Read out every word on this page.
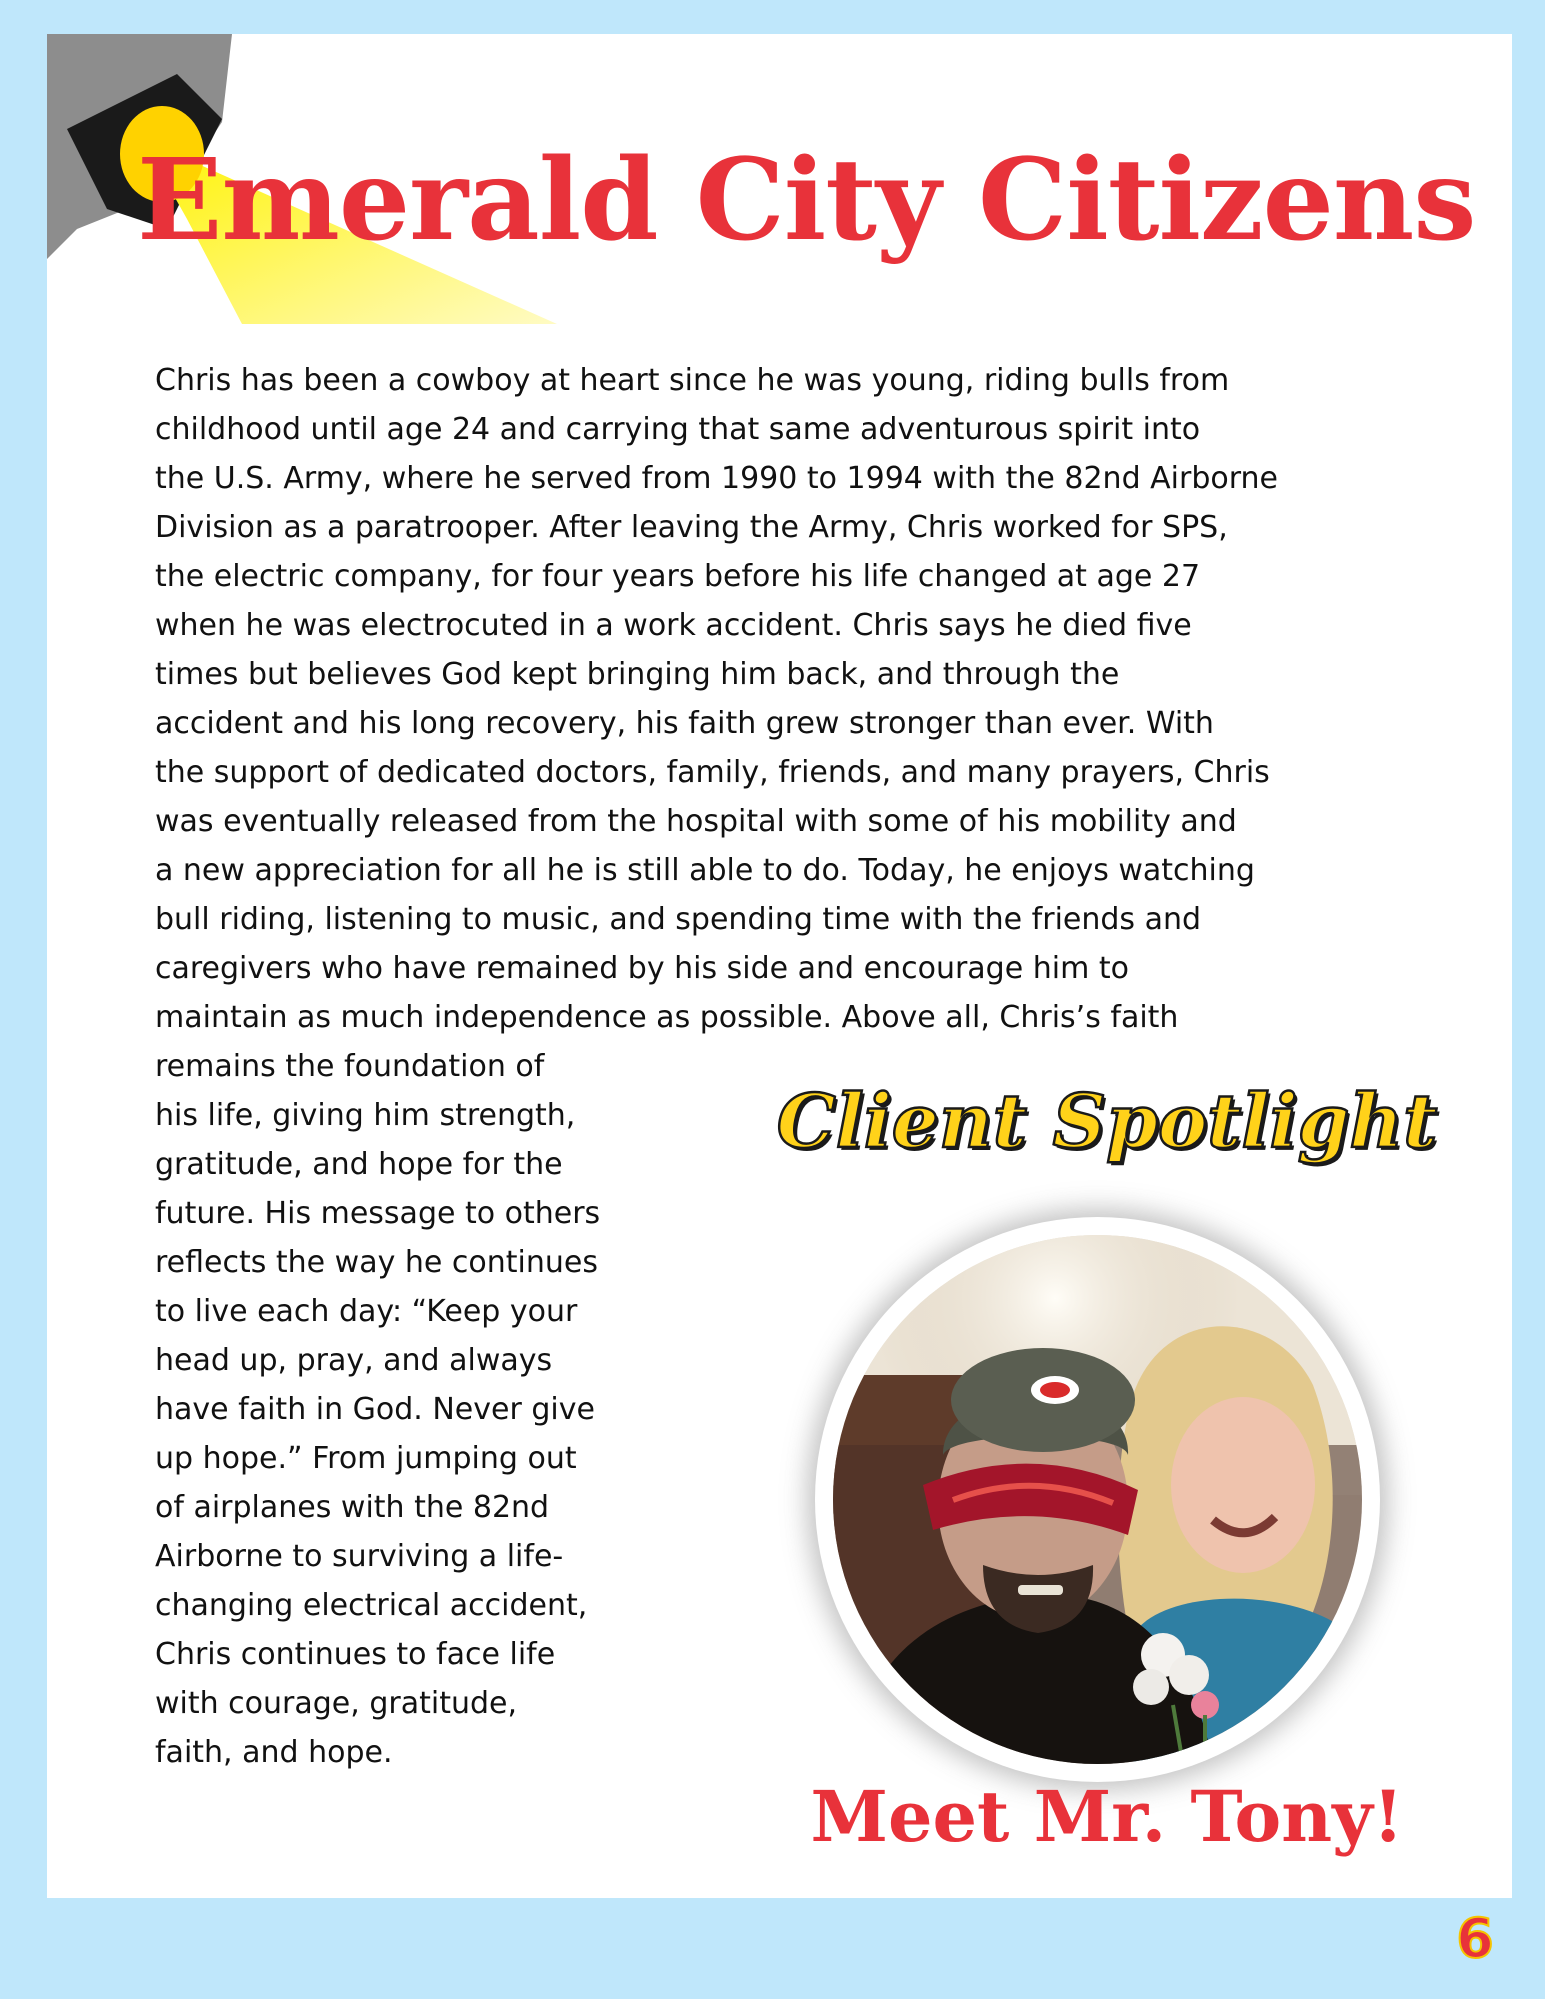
Emerald City Citizens
Chris has been a cowboy at heart since he was young, riding bulls from
childhood until age 24 and carrying that same adventurous spirit into
the U.S. Army, where he served from 1990 to 1994 with the 82nd Airborne
Division as a paratrooper. After leaving the Army, Chris worked for SPS,
the electric company, for four years before his life changed at age 27
when he was electrocuted in a work accident. Chris says he died five
times but believes God kept bringing him back, and through the
accident and his long recovery, his faith grew stronger than ever. With
the support of dedicated doctors, family, friends, and many prayers, Chris
was eventually released from the hospital with some of his mobility and
a new appreciation for all he is still able to do. Today, he enjoys watching
bull riding, listening to music, and spending time with the friends and
caregivers who have remained by his side and encourage him to
maintain as much independence as possible. Above all, Chris’s faith
remains the foundation of
his life, giving him strength,
gratitude, and hope for the
future. His message to others
reflects the way he continues
to live each day: “Keep your
head up, pray, and always
have faith in God. Never give
up hope.” From jumping out
of airplanes with the 82nd
Airborne to surviving a life-
changing electrical accident,
Chris continues to face life
with courage, gratitude,
faith, and hope.
Client Spotlight
Meet Mr. Tony!
6
